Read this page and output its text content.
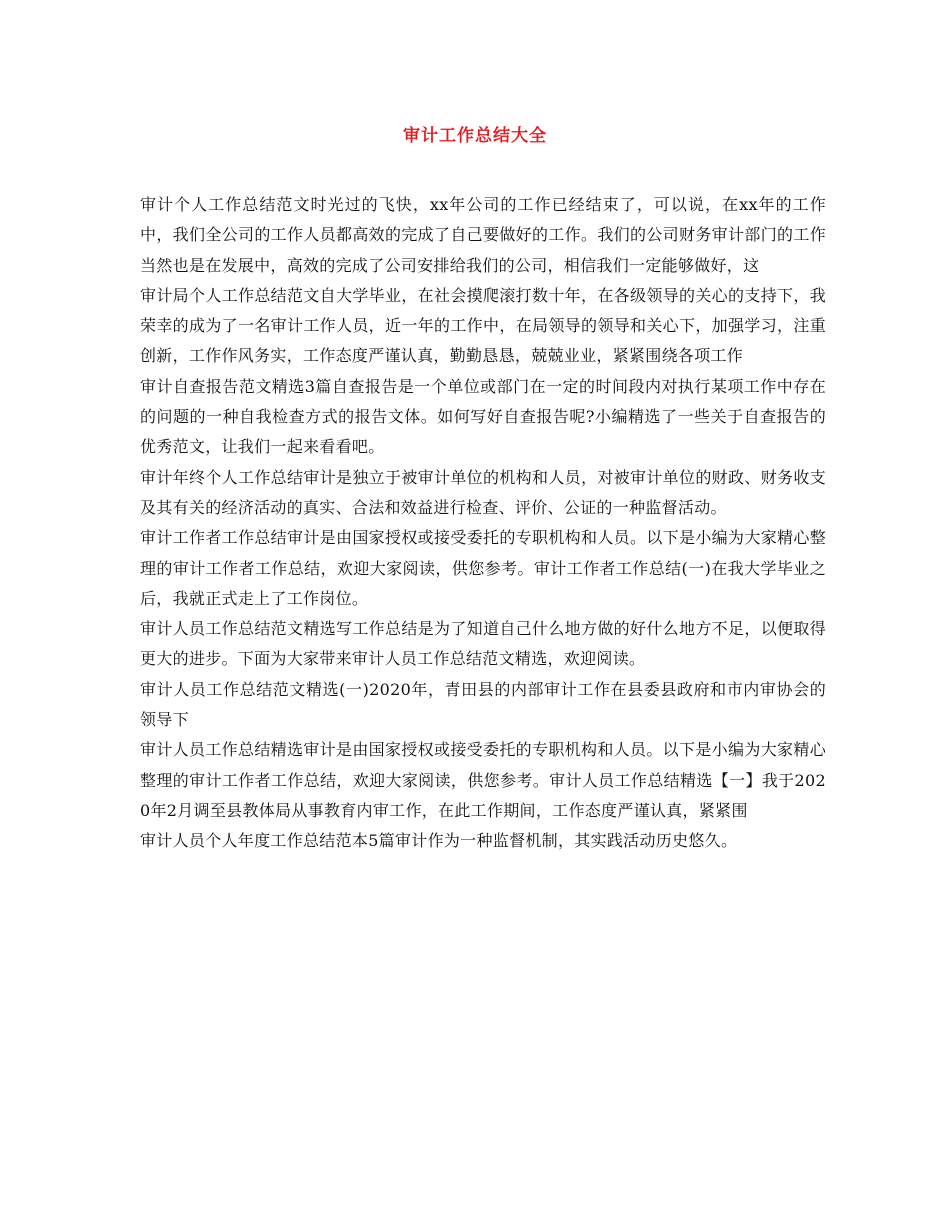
审计工作总结大全

审计个人工作总结范文时光过的飞快，xx年公司的工作已经结束了，可以说，在xx年的工作中，我们全公司的工作人员都高效的完成了自己要做好的工作。我们的公司财务审计部门的工作当然也是在发展中，高效的完成了公司安排给我们的公司，相信我们一定能够做好，这

审计局个人工作总结范文自大学毕业，在社会摸爬滚打数十年，在各级领导的关心的支持下，我荣幸的成为了一名审计工作人员，近一年的工作中，在局领导的领导和关心下，加强学习，注重创新，工作作风务实，工作态度严谨认真，勤勤恳恳，兢兢业业，紧紧围绕各项工作

审计自查报告范文精选3篇自查报告是一个单位或部门在一定的时间段内对执行某项工作中存在的问题的一种自我检查方式的报告文体。如何写好自查报告呢?小编精选了一些关于自查报告的优秀范文，让我们一起来看看吧。

审计年终个人工作总结审计是独立于被审计单位的机构和人员，对被审计单位的财政、财务收支及其有关的经济活动的真实、合法和效益进行检查、评价、公证的一种监督活动。

审计工作者工作总结审计是由国家授权或接受委托的专职机构和人员。以下是小编为大家精心整理的审计工作者工作总结，欢迎大家阅读，供您参考。审计工作者工作总结(一)在我大学毕业之后，我就正式走上了工作岗位。

审计人员工作总结范文精选写工作总结是为了知道自己什么地方做的好什么地方不足，以便取得更大的进步。下面为大家带来审计人员工作总结范文精选，欢迎阅读。

审计人员工作总结范文精选(一)2020年，青田县的内部审计工作在县委县政府和市内审协会的领导下

审计人员工作总结精选审计是由国家授权或接受委托的专职机构和人员。以下是小编为大家精心整理的审计工作者工作总结，欢迎大家阅读，供您参考。审计人员工作总结精选【一】我于2020年2月调至县教体局从事教育内审工作，在此工作期间，工作态度严谨认真，紧紧围

审计人员个人年度工作总结范本5篇审计作为一种监督机制，其实践活动历史悠久。
